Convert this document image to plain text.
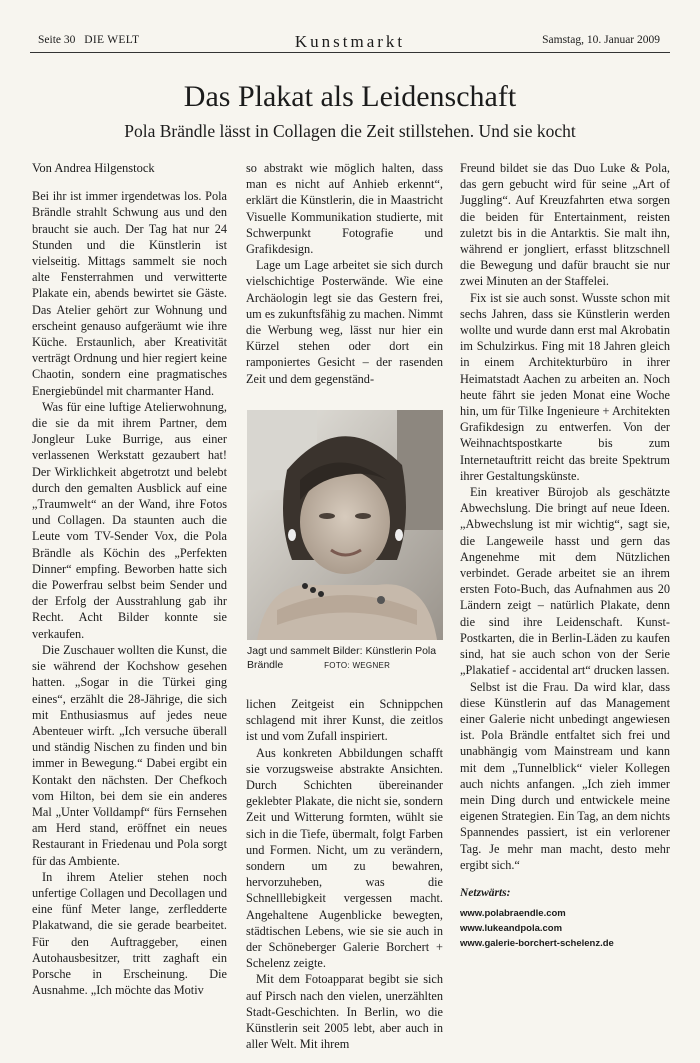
Seite 30 DIE WELT	Kunstmarkt	Samstag, 10. Januar 2009
Das Plakat als Leidenschaft
Pola Brändle lässt in Collagen die Zeit stillstehen. Und sie kocht
Von Andrea Hilgenstock

Bei ihr ist immer irgendetwas los. Pola Brändle strahlt Schwung aus und den braucht sie auch. Der Tag hat nur 24 Stunden und die Künstlerin ist vielseitig. Mittags sammelt sie noch alte Fensterrahmen und verwitterte Plakate ein, abends bewirtet sie Gäste. Das Atelier gehört zur Wohnung und erscheint genauso aufgeräumt wie ihre Küche. Erstaunlich, aber Kreativität verträgt Ordnung und hier regiert keine Chaotin, sondern eine pragmatisches Energiebündel mit charmanter Hand.

Was für eine luftige Atelierwohnung, die sie da mit ihrem Partner, dem Jongleur Luke Burrige, aus einer verlassenen Werkstatt gezaubert hat! Der Wirklichkeit abgetrotzt und belebt durch den gemalten Ausblick auf eine „Traumwelt“ an der Wand, ihre Fotos und Collagen. Da staunten auch die Leute vom TV-Sender Vox, die Pola Brändle als Köchin des „Perfekten Dinner“ empfing. Beworben hatte sich die Powerfrau selbst beim Sender und der Erfolg der Ausstrahlung gab ihr Recht. Acht Bilder konnte sie verkaufen.

Die Zuschauer wollten die Kunst, die sie während der Kochshow gesehen hatten. „Sogar in die Türkei ging eines“, erzählt die 28-Jährige, die sich mit Enthusiasmus auf jedes neue Abenteuer wirft. „Ich versuche überall und ständig Nischen zu finden und bin immer in Bewegung.“ Dabei ergibt ein Kontakt den nächsten. Der Chefkoch vom Hilton, bei dem sie ein anderes Mal „Unter Volldampf“ fürs Fernsehen am Herd stand, eröffnet ein neues Restaurant in Friedenau und Pola sorgt für das Ambiente.

In ihrem Atelier stehen noch unfertige Collagen und Decollagen und eine fünf Meter lange, zerfledderte Plakatwand, die sie gerade bearbeitet. Für den Auftraggeber, einen Autohausbesitzer, tritt zaghaft ein Porsche in Erscheinung. Die Ausnahme. „Ich möchte das Motiv

so abstrakt wie möglich halten, dass man es nicht auf Anhieb erkennt“, erklärt die Künstlerin, die in Maastricht Visuelle Kommunikation studierte, mit Schwerpunkt Fotografie und Grafikdesign.

Lage um Lage arbeitet sie sich durch vielschichtige Posterwände. Wie eine Archäologin legt sie das Gestern frei, um es zukunftsfähig zu machen. Nimmt die Werbung weg, lässt nur hier ein Kürzel stehen oder dort ein ramponiertes Gesicht – der rasenden Zeit und dem gegenständ-

Jagt und sammelt Bilder: Künstlerin Pola Brändle	FOTO: WEGNER

lichen Zeitgeist ein Schnippchen schlagend mit ihrer Kunst, die zeitlos ist und vom Zufall inspiriert.

Aus konkreten Abbildungen schafft sie vorzugsweise abstrakte Ansichten. Durch Schichten übereinander geklebter Plakate, die nicht sie, sondern Zeit und Witterung formten, wühlt sie sich in die Tiefe, übermalt, folgt Farben und Formen. Nicht, um zu verändern, sondern um zu bewahren, hervorzuheben, was die Schnelllebigkeit vergessen macht. Angehaltene Augenblicke bewegten, städtischen Lebens, wie sie sie auch in der Schöneberger Galerie Borchert + Schelenz zeigte.

Mit dem Fotoapparat begibt sie sich auf Pirsch nach den vielen, unerzählten Stadt-Geschichten. In Berlin, wo die Künstlerin seit 2005 lebt, aber auch in aller Welt. Mit ihrem

Freund bildet sie das Duo Luke & Pola, das gern gebucht wird für seine „Art of Juggling“. Auf Kreuzfahrten etwa sorgen die beiden für Entertainment, reisten zuletzt bis in die Antarktis. Sie malt ihn, während er jongliert, erfasst blitzschnell die Bewegung und dafür braucht sie nur zwei Minuten an der Staffelei.

Fix ist sie auch sonst. Wusste schon mit sechs Jahren, dass sie Künstlerin werden wollte und wurde dann erst mal Akrobatin im Schulzirkus. Fing mit 18 Jahren gleich in einem Architekturbüro in ihrer Heimatstadt Aachen zu arbeiten an. Noch heute fährt sie jeden Monat eine Woche hin, um für Tilke Ingenieure + Architekten Grafikdesign zu entwerfen. Von der Weihnachtspostkarte bis zum Internetauftritt reicht das breite Spektrum ihrer Gestaltungskünste.

Ein kreativer Bürojob als geschätzte Abwechslung. Die bringt auf neue Ideen. „Abwechslung ist mir wichtig“, sagt sie, die Langeweile hasst und gern das Angenehme mit dem Nützlichen verbindet. Gerade arbeitet sie an ihrem ersten Foto-Buch, das Aufnahmen aus 20 Ländern zeigt – natürlich Plakate, denn die sind ihre Leidenschaft. Kunst-Postkarten, die in Berlin-Läden zu kaufen sind, hat sie auch schon von der Serie „Plakatief - accidental art“ drucken lassen.

Selbst ist die Frau. Da wird klar, dass diese Künstlerin auf das Management einer Galerie nicht unbedingt angewiesen ist. Pola Brändle entfaltet sich frei und unabhängig vom Mainstream und kann mit dem „Tunnelblick“ vieler Kollegen auch nichts anfangen. „Ich zieh immer mein Ding durch und entwickele meine eigenen Strategien. Ein Tag, an dem nichts Spannendes passiert, ist ein verlorener Tag. Je mehr man macht, desto mehr ergibt sich.“

Netzwärts:
www.polabraendle.com
www.lukeandpola.com
www.galerie-borchert-schelenz.de
